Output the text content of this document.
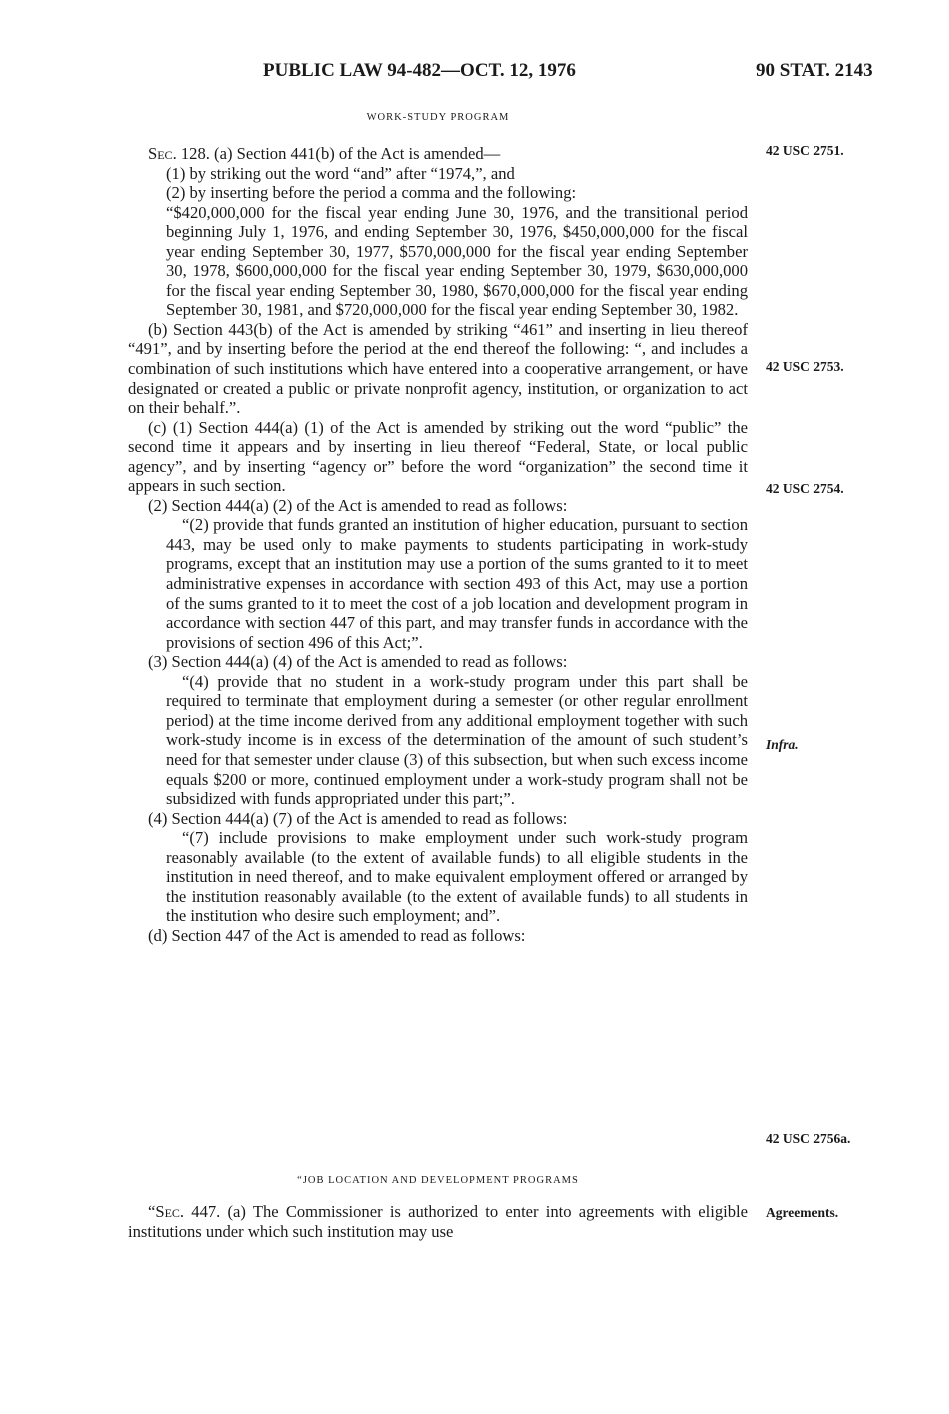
PUBLIC LAW 94-482—OCT. 12, 1976	90 STAT. 2143
WORK-STUDY PROGRAM

Sec. 128. (a) Section 441(b) of the Act is amended—

(1) by striking out the word “and” after “1974,”, and

(2) by inserting before the period a comma and the following:

“$420,000,000 for the fiscal year ending June 30, 1976, and the transitional period beginning July 1, 1976, and ending September 30, 1976, $450,000,000 for the fiscal year ending September 30, 1977, $570,000,000 for the fiscal year ending September 30, 1978, $600,000,000 for the fiscal year ending September 30, 1979, $630,000,000 for the fiscal year ending September 30, 1980, $670,000,000 for the fiscal year ending September 30, 1981, and $720,000,000 for the fiscal year ending September 30, 1982.

(b) Section 443(b) of the Act is amended by striking “461” and inserting in lieu thereof “491”, and by inserting before the period at the end thereof the following: “, and includes a combination of such institutions which have entered into a cooperative arrangement, or have designated or created a public or private nonprofit agency, institution, or organization to act on their behalf.”.

(c) (1) Section 444(a) (1) of the Act is amended by striking out the word “public” the second time it appears and by inserting in lieu thereof “Federal, State, or local public agency”, and by inserting “agency or” before the word “organization” the second time it appears in such section.

(2) Section 444(a) (2) of the Act is amended to read as follows:

“(2) provide that funds granted an institution of higher education, pursuant to section 443, may be used only to make payments to students participating in work-study programs, except that an institution may use a portion of the sums granted to it to meet administrative expenses in accordance with section 493 of this Act, may use a portion of the sums granted to it to meet the cost of a job location and development program in accordance with section 447 of this part, and may transfer funds in accordance with the provisions of section 496 of this Act;”.

(3) Section 444(a) (4) of the Act is amended to read as follows:

“(4) provide that no student in a work-study program under this part shall be required to terminate that employment during a semester (or other regular enrollment period) at the time income derived from any additional employment together with such work-study income is in excess of the determination of the amount of such student’s need for that semester under clause (3) of this subsection, but when such excess income equals $200 or more, continued employment under a work-study program shall not be subsidized with funds appropriated under this part;”.

(4) Section 444(a) (7) of the Act is amended to read as follows:

“(7) include provisions to make employment under such work-study program reasonably available (to the extent of available funds) to all eligible students in the institution in need thereof, and to make equivalent employment offered or arranged by the institution reasonably available (to the extent of available funds) to all students in the institution who desire such employment; and”.

(d) Section 447 of the Act is amended to read as follows:

“JOB LOCATION AND DEVELOPMENT PROGRAMS

“Sec. 447. (a) The Commissioner is authorized to enter into agreements with eligible institutions under which such institution may use

42 USC 2751.
42 USC 2753.
42 USC 2754.
Infra.
42 USC 2756a.
Agreements.
